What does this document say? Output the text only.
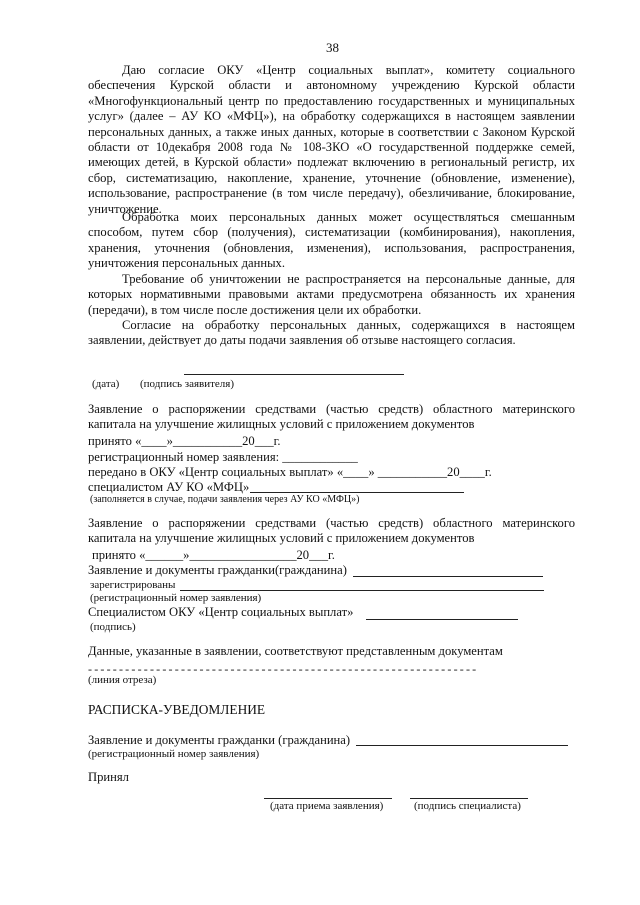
38

Даю согласие ОКУ «Центр социальных выплат», комитету социального обеспечения Курской области и автономному учреждению Курской области «Многофункциональный центр по предоставлению государственных и муниципальных услуг» (далее – АУ КО «МФЦ»), на обработку содержащихся в настоящем заявлении персональных данных, а также иных данных, которые в соответствии с Законом Курской области от 10декабря 2008 года № 108-ЗКО «О государственной поддержке семей, имеющих детей, в Курской области» подлежат включению в региональный регистр, их сбор, систематизацию, накопление, хранение, уточнение (обновление, изменение), использование, распространение (в том числе передачу), обезличивание, блокирование, уничтожение.

Обработка моих персональных данных может осуществляться смешанным способом, путем сбор (получения), систематизации (комбинирования), накопления, хранения, уточнения (обновления, изменения), использования, распространения, уничтожения персональных данных.

Требование об уничтожении не распространяется на персональные данные, для которых нормативными правовыми актами предусмотрена обязанность их хранения (передачи), в том числе после достижения цели их обработки.

Согласие на обработку персональных данных, содержащихся в настоящем заявлении, действует до даты подачи заявления об отзыве настоящего согласия.

(дата) (подпись заявителя)

Заявление о распоряжении средствами (частью средств) областного материнского капитала на улучшение жилищных условий с приложением документов

принято «____»___________20___г.
регистрационный номер заявления: ____________
передано в ОКУ «Центр социальных выплат» «____» ___________20____г.
специалистом АУ КО «МФЦ»
(заполняется в случае, подачи заявления через АУ КО «МФЦ»)

Заявление о распоряжении средствами (частью средств) областного материнского капитала на улучшение жилищных условий с приложением документов

принято «______»_________________20___г.
Заявление и документы гражданки(гражданина)
зарегистрированы
(регистрационный номер заявления)
Специалистом ОКУ «Центр социальных выплат»
(подпись)
Данные, указанные в заявлении, соответствуют представленным документам
---------------------------------------------------------------
(линия отреза)
РАСПИСКА-УВЕДОМЛЕНИЕ
Заявление и документы гражданки (гражданина)
(регистрационный номер заявления)
Принял
(дата приема заявления)	(подпись специалиста)
